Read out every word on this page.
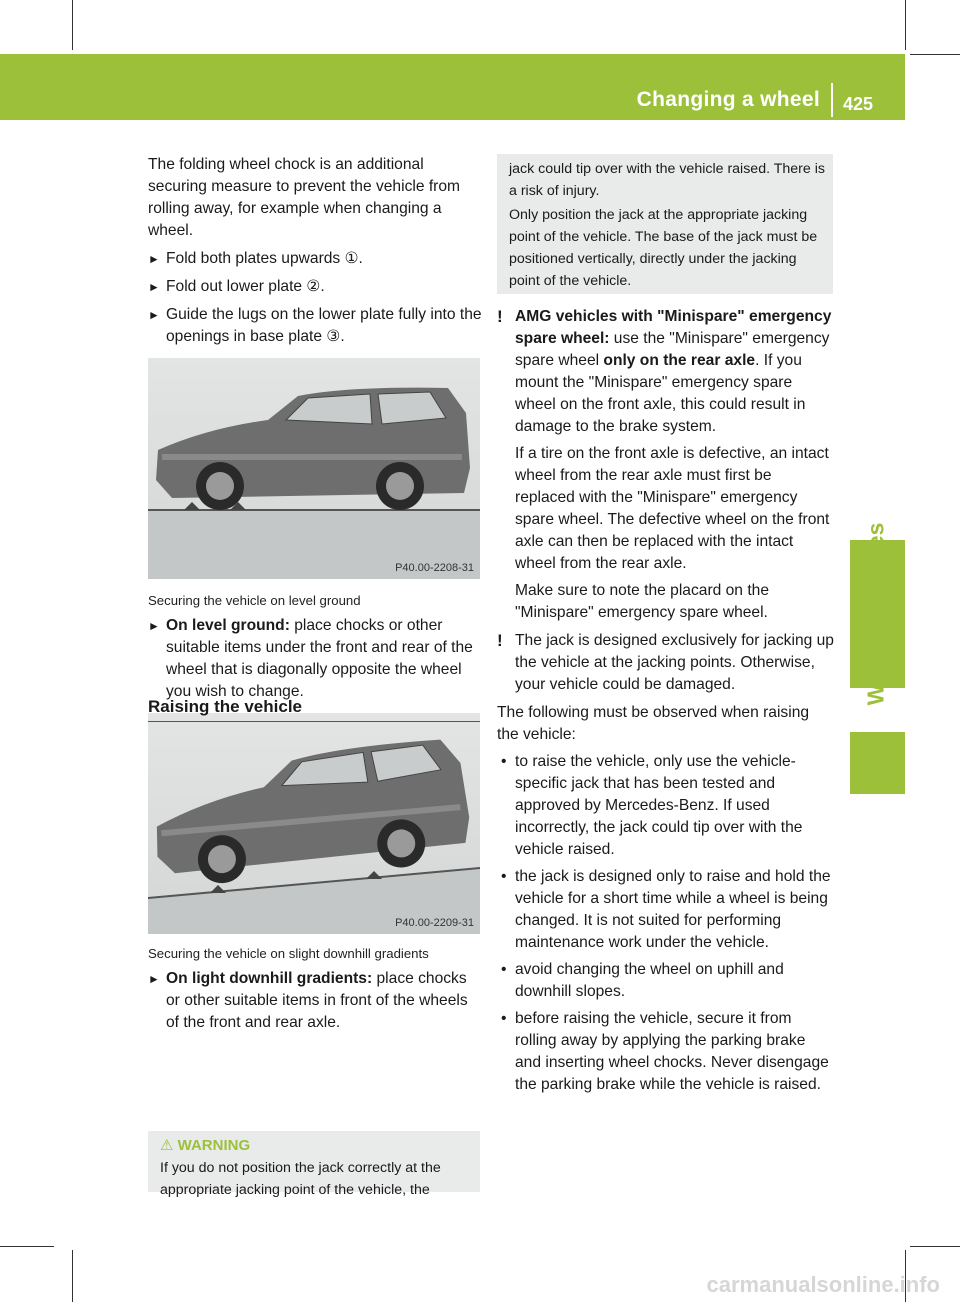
Changing a wheel 425
Wheels and tires

The folding wheel chock is an additional securing measure to prevent the vehicle from rolling away, for example when changing a wheel.

► Fold both plates upwards ①.

► Fold out lower plate ②.

► Guide the lugs on the lower plate fully into the openings in base plate ③.

P40.00-2208-31
Securing the vehicle on level ground

► On level ground: place chocks or other suitable items under the front and rear of the wheel that is diagonally opposite the wheel you wish to change.

P40.00-2209-31
Securing the vehicle on slight downhill gradients

► On light downhill gradients: place chocks or other suitable items in front of the wheels of the front and rear axle.

Raising the vehicle
⚠ WARNING
If you do not position the jack correctly at the appropriate jacking point of the vehicle, the
jack could tip over with the vehicle raised. There is a risk of injury.
Only position the jack at the appropriate jacking point of the vehicle. The base of the jack must be positioned vertically, directly under the jacking point of the vehicle.
! AMG vehicles with "Minispare" emergency spare wheel: use the "Minispare" emergency spare wheel only on the rear axle. If you mount the "Minispare" emergency spare wheel on the front axle, this could result in damage to the brake system.

If a tire on the front axle is defective, an intact wheel from the rear axle must first be replaced with the "Minispare" emergency spare wheel. The defective wheel on the front axle can then be replaced with the intact wheel from the rear axle.

Make sure to note the placard on the "Minispare" emergency spare wheel.

! The jack is designed exclusively for jacking up the vehicle at the jacking points. Otherwise, your vehicle could be damaged.

The following must be observed when raising the vehicle:

• to raise the vehicle, only use the vehicle-specific jack that has been tested and approved by Mercedes-Benz. If used incorrectly, the jack could tip over with the vehicle raised.

• the jack is designed only to raise and hold the vehicle for a short time while a wheel is being changed. It is not suited for performing maintenance work under the vehicle.

• avoid changing the wheel on uphill and downhill slopes.

• before raising the vehicle, secure it from rolling away by applying the parking brake and inserting wheel chocks. Never disengage the parking brake while the vehicle is raised.

carmanualsonline.info
